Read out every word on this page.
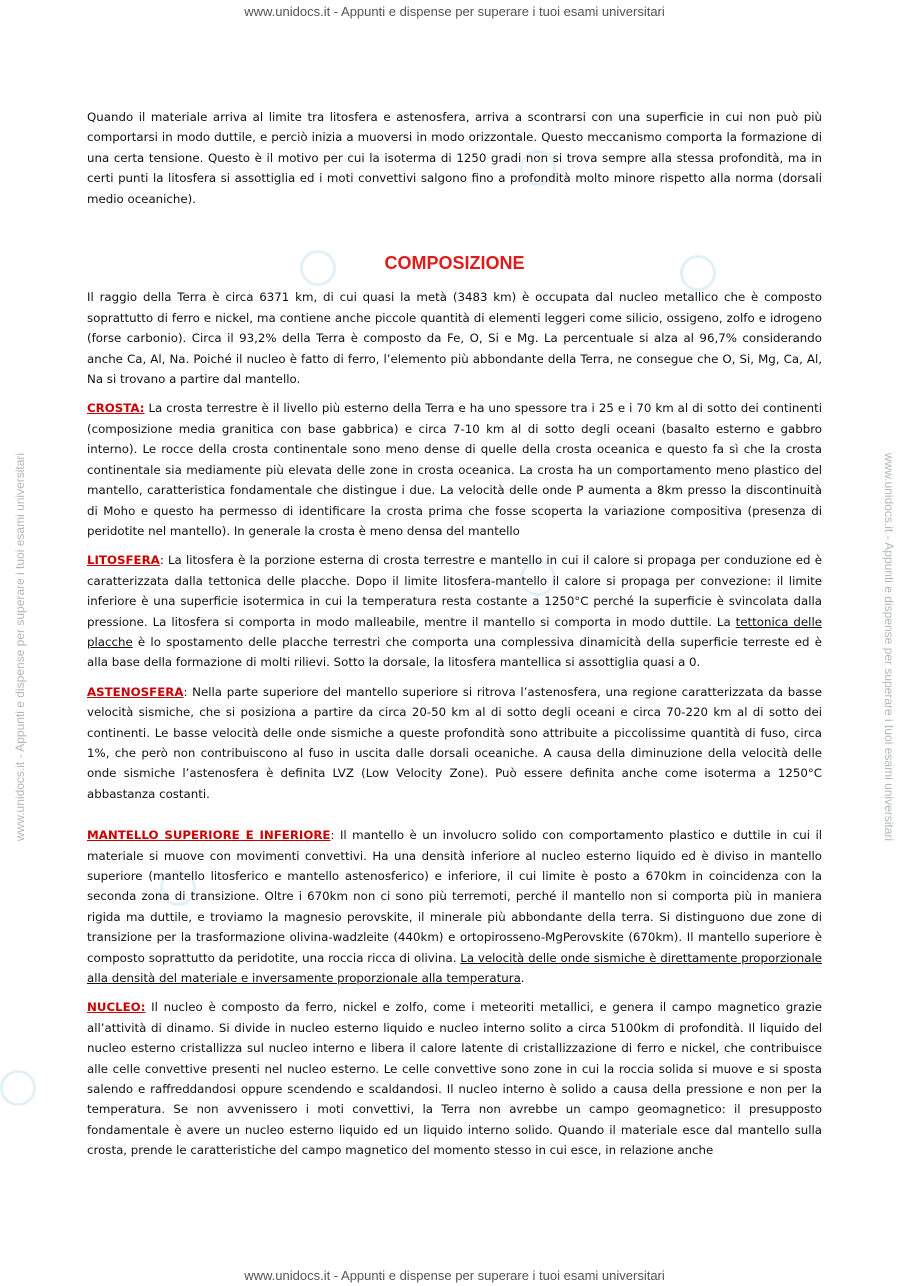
www.unidocs.it - Appunti e dispense per superare i tuoi esami universitari
www.unidocs.it - Appunti e dispense per superare i tuoi esami universitari	www.unidocs.it - Appunti e dispense per superare i tuoi esami universitari

Quando il materiale arriva al limite tra litosfera e astenosfera, arriva a scontrarsi con una superficie in cui non può più comportarsi in modo duttile, e perciò inizia a muoversi in modo orizzontale. Questo meccanismo comporta la formazione di una certa tensione. Questo è il motivo per cui la isoterma di 1250 gradi non si trova sempre alla stessa profondità, ma in certi punti la litosfera si assottiglia ed i moti convettivi salgono fino a profondità molto minore rispetto alla norma (dorsali medio oceaniche).

COMPOSIZIONE

Il raggio della Terra è circa 6371 km, di cui quasi la metà (3483 km) è occupata dal nucleo metallico che è composto soprattutto di ferro e nickel, ma contiene anche piccole quantità di elementi leggeri come silicio, ossigeno, zolfo e idrogeno (forse carbonio). Circa il 93,2% della Terra è composto da Fe, O, Si e Mg. La percentuale si alza al 96,7% considerando anche Ca, Al, Na. Poiché il nucleo è fatto di ferro, l’elemento più abbondante della Terra, ne consegue che O, Si, Mg, Ca, Al, Na si trovano a partire dal mantello.

CROSTA: La crosta terrestre è il livello più esterno della Terra e ha uno spessore tra i 25 e i 70 km al di sotto dei continenti (composizione media granitica con base gabbrica) e circa 7-10 km al di sotto degli oceani (basalto esterno e gabbro interno). Le rocce della crosta continentale sono meno dense di quelle della crosta oceanica e questo fa sì che la crosta continentale sia mediamente più elevata delle zone in crosta oceanica. La crosta ha un comportamento meno plastico del mantello, caratteristica fondamentale che distingue i due. La velocità delle onde P aumenta a 8km presso la discontinuità di Moho e questo ha permesso di identificare la crosta prima che fosse scoperta la variazione compositiva (presenza di peridotite nel mantello). In generale la crosta è meno densa del mantello

LITOSFERA: La litosfera è la porzione esterna di crosta terrestre e mantello in cui il calore si propaga per conduzione ed è caratterizzata dalla tettonica delle placche. Dopo il limite litosfera-mantello il calore si propaga per convezione: il limite inferiore è una superficie isotermica in cui la temperatura resta costante a 1250°C perché la superficie è svincolata dalla pressione. La litosfera si comporta in modo malleabile, mentre il mantello si comporta in modo duttile. La tettonica delle placche è lo spostamento delle placche terrestri che comporta una complessiva dinamicità della superficie terreste ed è alla base della formazione di molti rilievi. Sotto la dorsale, la litosfera mantellica si assottiglia quasi a 0.

ASTENOSFERA: Nella parte superiore del mantello superiore si ritrova l’astenosfera, una regione caratterizzata da basse velocità sismiche, che si posiziona a partire da circa 20-50 km al di sotto degli oceani e circa 70-220 km al di sotto dei continenti. Le basse velocità delle onde sismiche a queste profondità sono attribuite a piccolissime quantità di fuso, circa 1%, che però non contribuiscono al fuso in uscita dalle dorsali oceaniche. A causa della diminuzione della velocità delle onde sismiche l’astenosfera è definita LVZ (Low Velocity Zone). Può essere definita anche come isoterma a 1250°C abbastanza costanti.

MANTELLO SUPERIORE E INFERIORE: Il mantello è un involucro solido con comportamento plastico e duttile in cui il materiale si muove con movimenti convettivi. Ha una densità inferiore al nucleo esterno liquido ed è diviso in mantello superiore (mantello litosferico e mantello astenosferico) e inferiore, il cui limite è posto a 670km in coincidenza con la seconda zona di transizione. Oltre i 670km non ci sono più terremoti, perché il mantello non si comporta più in maniera rigida ma duttile, e troviamo la magnesio perovskite, il minerale più abbondante della terra. Si distinguono due zone di transizione per la trasformazione olivina-wadzleite (440km) e ortopirosseno-MgPerovskite (670km). Il mantello superiore è composto soprattutto da peridotite, una roccia ricca di olivina. La velocità delle onde sismiche è direttamente proporzionale alla densità del materiale e inversamente proporzionale alla temperatura.

NUCLEO: Il nucleo è composto da ferro, nickel e zolfo, come i meteoriti metallici, e genera il campo magnetico grazie all’attività di dinamo. Si divide in nucleo esterno liquido e nucleo interno solito a circa 5100km di profondità. Il liquido del nucleo esterno cristallizza sul nucleo interno e libera il calore latente di cristallizzazione di ferro e nickel, che contribuisce alle celle convettive presenti nel nucleo esterno. Le celle convettive sono zone in cui la roccia solida si muove e si sposta salendo e raffreddandosi oppure scendendo e scaldandosi. Il nucleo interno è solido a causa della pressione e non per la temperatura. Se non avvenissero i moti convettivi, la Terra non avrebbe un campo geomagnetico: il presupposto fondamentale è avere un nucleo esterno liquido ed un liquido interno solido. Quando il materiale esce dal mantello sulla crosta, prende le caratteristiche del campo magnetico del momento stesso in cui esce, in relazione anche

www.unidocs.it - Appunti e dispense per superare i tuoi esami universitari
